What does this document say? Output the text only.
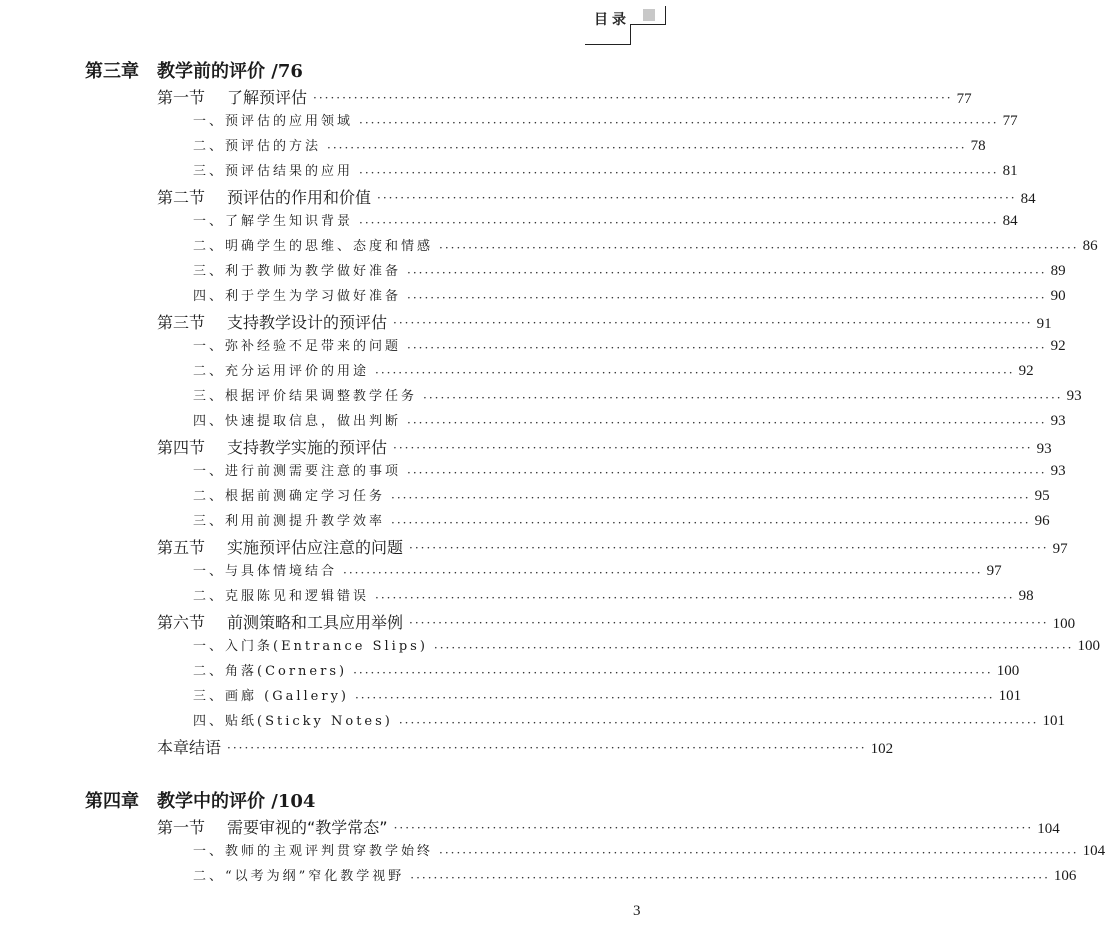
目录
第三章 教学前的评价 /76
第一节 了解预评估 ·············································································································· 77
一、预评估的应用领域 ·············································································································· 77
二、预评估的方法 ·············································································································· 78
三、预评估结果的应用 ·············································································································· 81
第二节 预评估的作用和价值 ·············································································································· 84
一、了解学生知识背景 ·············································································································· 84
二、明确学生的思维、态度和情感 ·············································································································· 86
三、利于教师为教学做好准备 ·············································································································· 89
四、利于学生为学习做好准备 ·············································································································· 90
第三节 支持教学设计的预评估 ·············································································································· 91
一、弥补经验不足带来的问题 ·············································································································· 92
二、充分运用评价的用途 ·············································································································· 92
三、根据评价结果调整教学任务 ·············································································································· 93
四、快速提取信息，做出判断 ·············································································································· 93
第四节 支持教学实施的预评估 ·············································································································· 93
一、进行前测需要注意的事项 ·············································································································· 93
二、根据前测确定学习任务 ·············································································································· 95
三、利用前测提升教学效率 ·············································································································· 96
第五节 实施预评估应注意的问题 ·············································································································· 97
一、与具体情境结合 ·············································································································· 97
二、克服陈见和逻辑错误 ·············································································································· 98
第六节 前测策略和工具应用举例 ·············································································································· 100
一、入门条(Entrance Slips) ·············································································································· 100
二、角落(Corners) ·············································································································· 100
三、画廊 (Gallery) ·············································································································· 101
四、贴纸(Sticky Notes) ·············································································································· 101
本章结语 ·············································································································· 102
第四章 教学中的评价 /104
第一节 需要审视的“教学常态” ·············································································································· 104
一、教师的主观评判贯穿教学始终 ·············································································································· 104
二、“以考为纲”窄化教学视野 ·············································································································· 106
3
